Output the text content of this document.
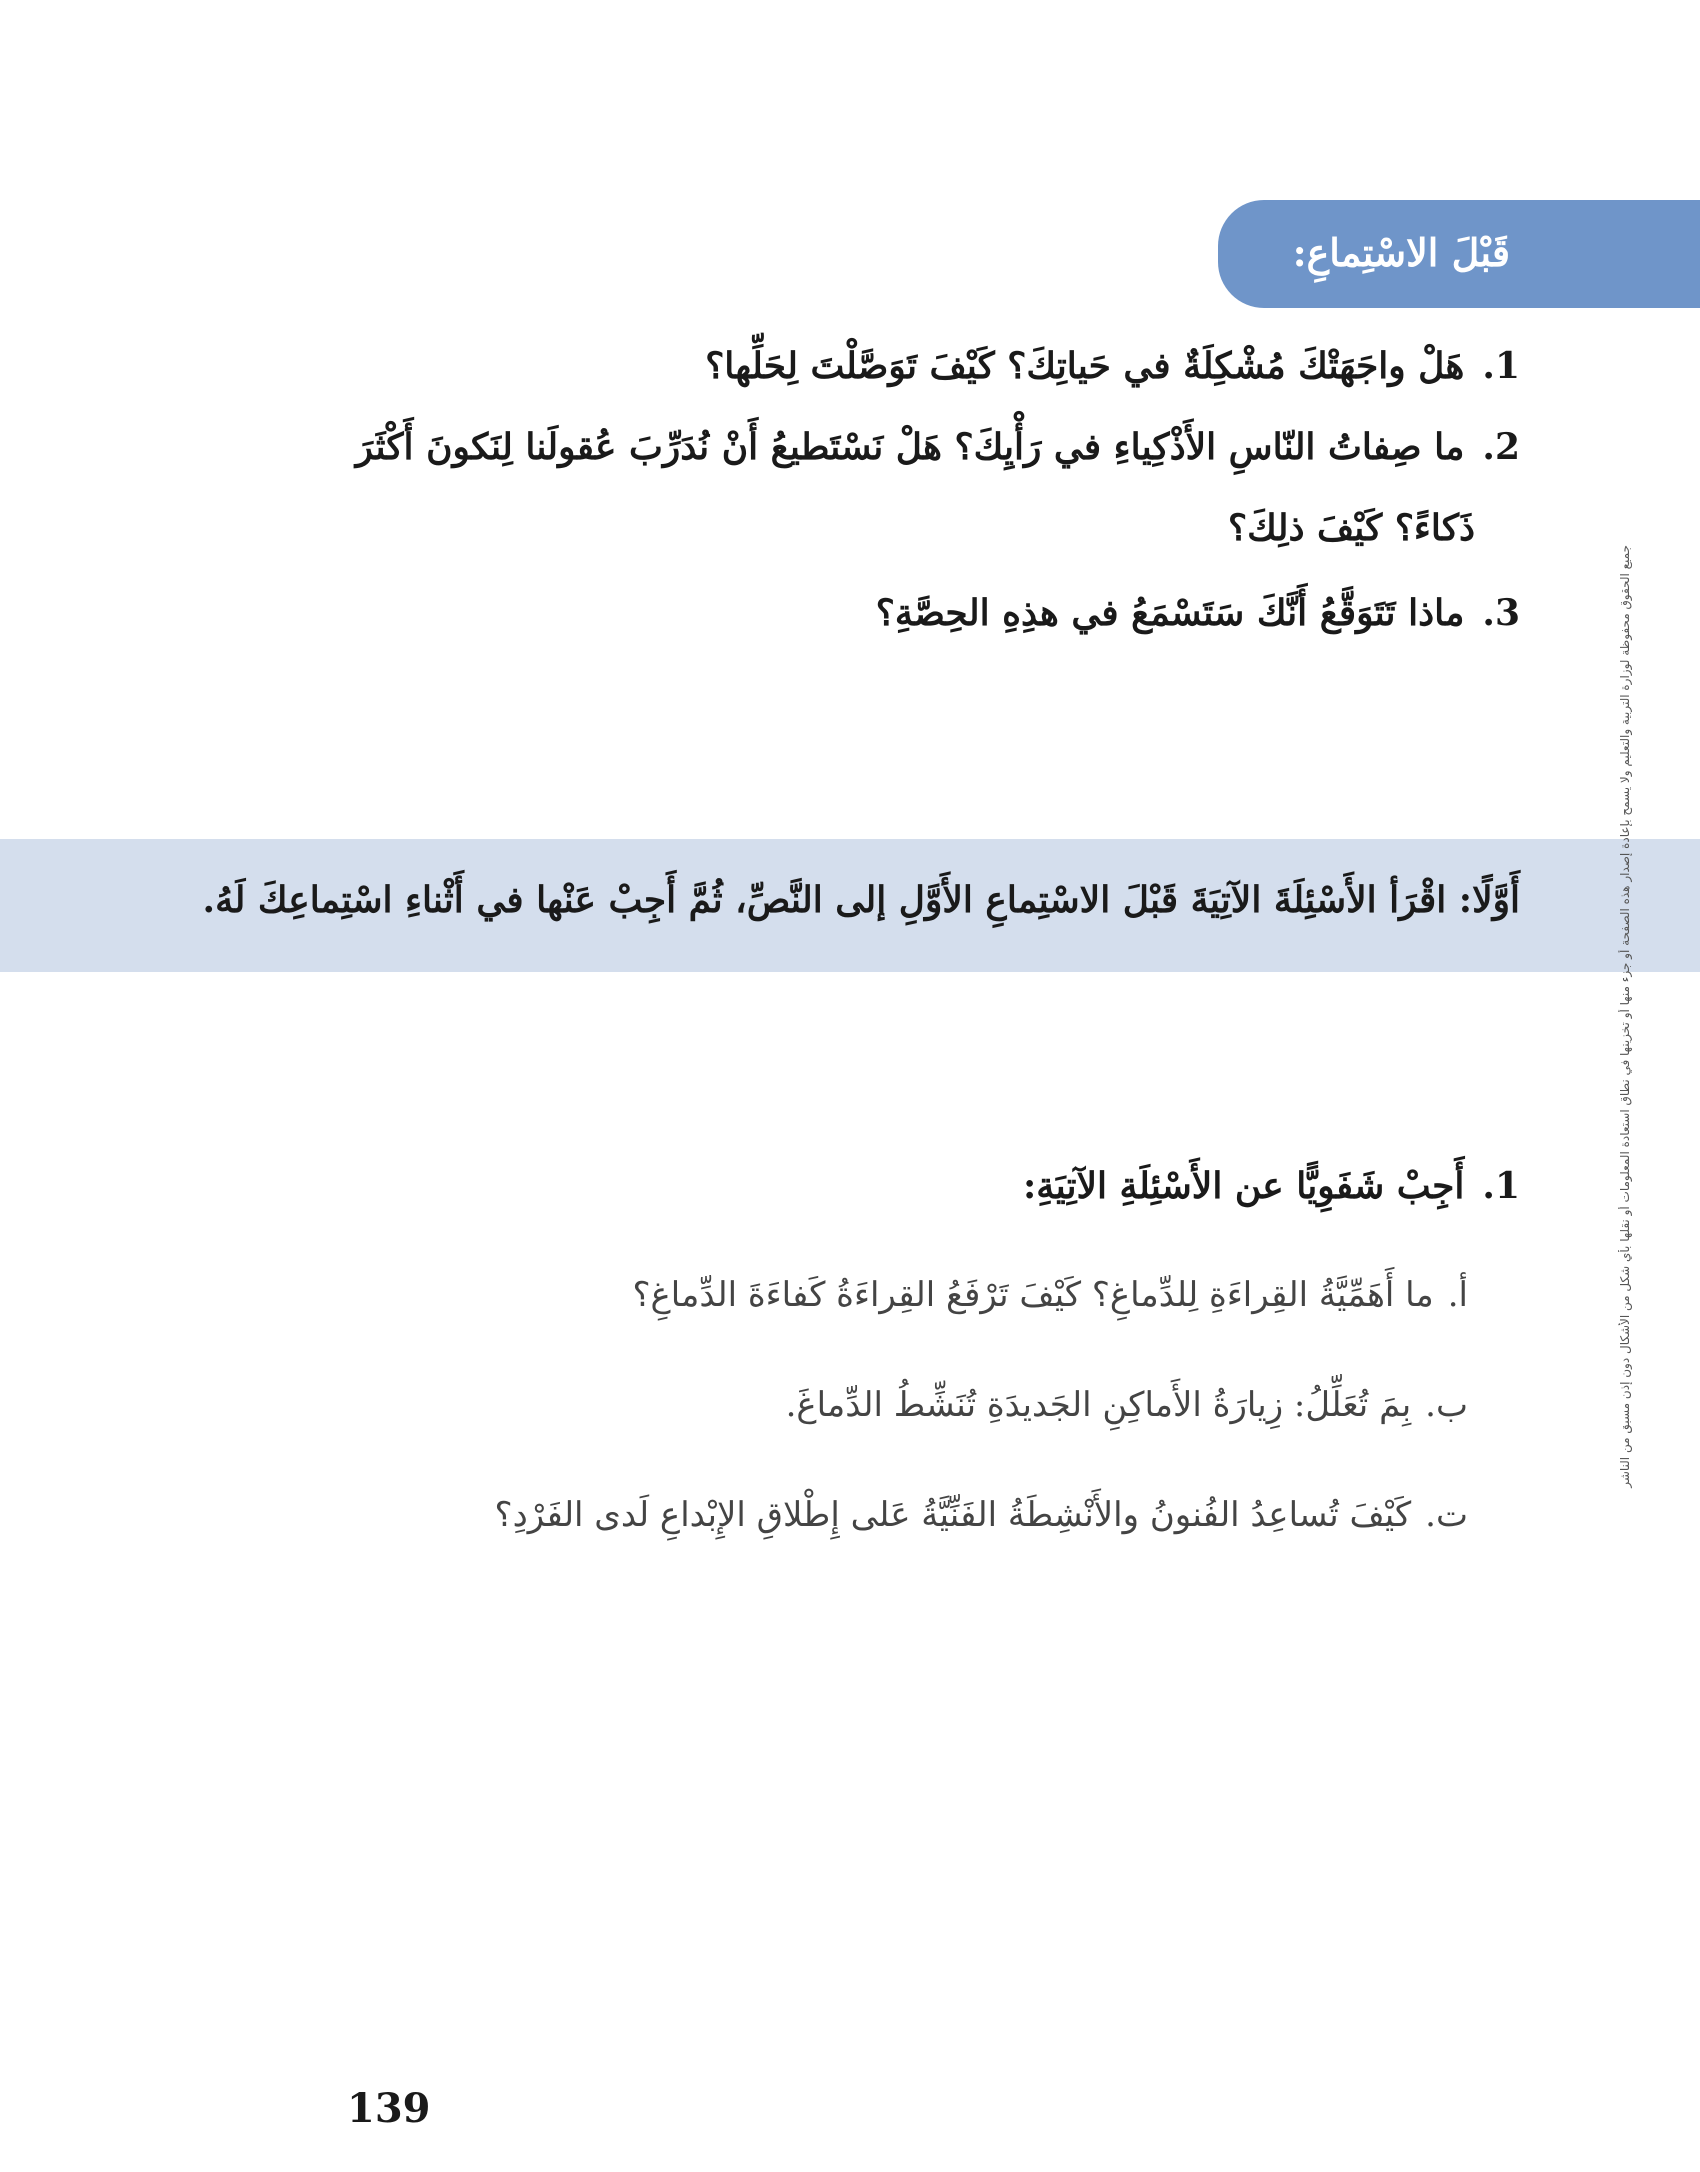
قَبْلَ الاسْتِماعِ:
1.هَلْ واجَهَتْكَ مُشْكِلَةٌ في حَياتِكَ؟ كَيْفَ تَوَصَّلْتَ لِحَلِّها؟
2.ما صِفاتُ النّاسِ الأَذْكِياءِ في رَأْيِكَ؟ هَلْ نَسْتَطيعُ أَنْ نُدَرِّبَ عُقولَنا لِنَكونَ أَكْثَرَ
ذَكاءً؟ كَيْفَ ذلِكَ؟
3.ماذا تَتَوَقَّعُ أَنَّكَ سَتَسْمَعُ في هذِهِ الحِصَّةِ؟
أَوَّلًا: اقْرَأ الأَسْئِلَةَ الآتِيَةَ قَبْلَ الاسْتِماعِ الأَوَّلِ إلى النَّصِّ، ثُمَّ أَجِبْ عَنْها في أَثْناءِ اسْتِماعِكَ لَهُ.
1.أَجِبْ شَفَوِيًّا عن الأَسْئِلَةِ الآتِيَةِ:
أ.ما أَهَمِّيَّةُ القِراءَةِ لِلدِّماغِ؟ كَيْفَ تَرْفَعُ القِراءَةُ كَفاءَةَ الدِّماغِ؟
ب.بِمَ تُعَلِّلُ: زِيارَةُ الأَماكِنِ الجَديدَةِ تُنَشِّطُ الدِّماغَ.
ت.كَيْفَ تُساعِدُ الفُنونُ والأَنْشِطَةُ الفَنِّيَّةُ عَلى إِطْلاقِ الإِبْداعِ لَدى الفَرْدِ؟
جميع الحقوق محفوظة لوزارة التربية والتعليم ولا يسمح بإعادة إصدار هذه الصفحة أو جزء منها أو تخزينها في نطاق استعادة المعلومات أو نقلها بأي شكل من الأشكال دون إذن مسبق من الناشر
139
